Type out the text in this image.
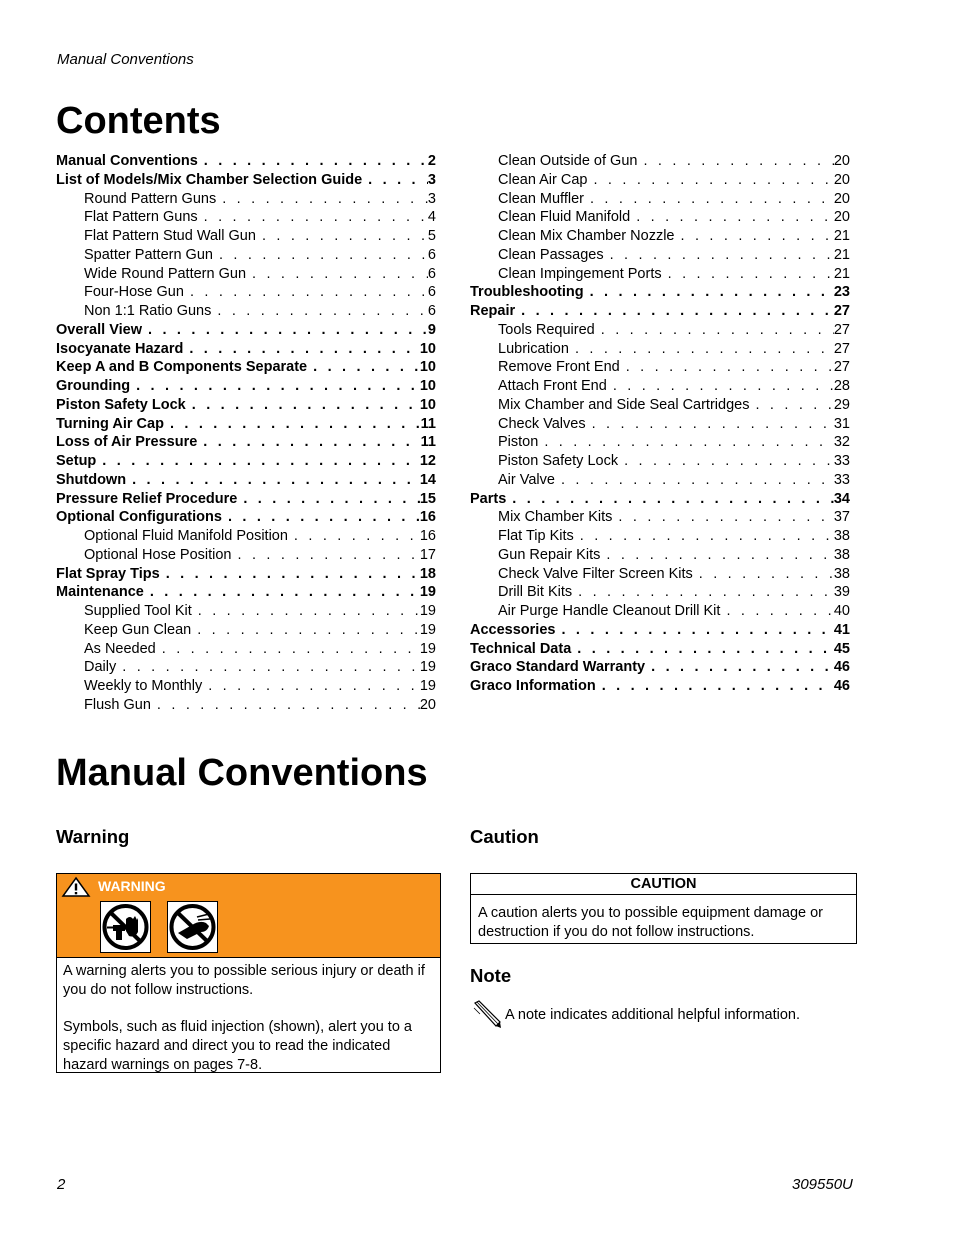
Manual Conventions
Contents
Manual Conventions . . .	2
List of Models/Mix Chamber Selection Guide . . .	3
Round Pattern Guns . . .	3
Flat Pattern Guns . . .	4
Flat Pattern Stud Wall Gun . . .	5
Spatter Pattern Gun . . .	6
Wide Round Pattern Gun . . .	6
Four-Hose Gun . . .	6
Non 1:1 Ratio Guns . . .	6
Overall View . . .	9
Isocyanate Hazard . . .	10
Keep A and B Components Separate . . .	10
Grounding . . .	10
Piston Safety Lock . . .	10
Turning Air Cap . . .	11
Loss of Air Pressure . . .	11
Setup . . .	12
Shutdown . . .	14
Pressure Relief Procedure . . .	15
Optional Configurations . . .	16
Optional Fluid Manifold Position . . .	16
Optional Hose Position . . .	17
Flat Spray Tips . . .	18
Maintenance . . .	19
Supplied Tool Kit . . .	19
Keep Gun Clean . . .	19
As Needed . . .	19
Daily . . .	19
Weekly to Monthly . . .	19
Flush Gun . . .	20
Clean Outside of Gun . . .	20
Clean Air Cap . . .	20
Clean Muffler . . .	20
Clean Fluid Manifold . . .	20
Clean Mix Chamber Nozzle . . .	21
Clean Passages . . .	21
Clean Impingement Ports . . .	21
Troubleshooting . . .	23
Repair . . .	27
Tools Required . . .	27
Lubrication . . .	27
Remove Front End . . .	27
Attach Front End . . .	28
Mix Chamber and Side Seal Cartridges . . .	29
Check Valves . . .	31
Piston . . .	32
Piston Safety Lock . . .	33
Air Valve . . .	33
Parts . . .	34
Mix Chamber Kits . . .	37
Flat Tip Kits . . .	38
Gun Repair Kits . . .	38
Check Valve Filter Screen Kits . . .	38
Drill Bit Kits . . .	39
Air Purge Handle Cleanout Drill Kit . . .	40
Accessories . . .	41
Technical Data . . .	45
Graco Standard Warranty . . .	46
Graco Information . . .	46
Manual Conventions
Warning	Caution
WARNING

A warning alerts you to possible serious injury or death if you do not follow instructions.

Symbols, such as fluid injection (shown), alert you to a specific hazard and direct you to read the indicated hazard warnings on pages 7-8.

CAUTION
A caution alerts you to possible equipment damage or destruction if you do not follow instructions.
Note
A note indicates additional helpful information.
2	309550U
